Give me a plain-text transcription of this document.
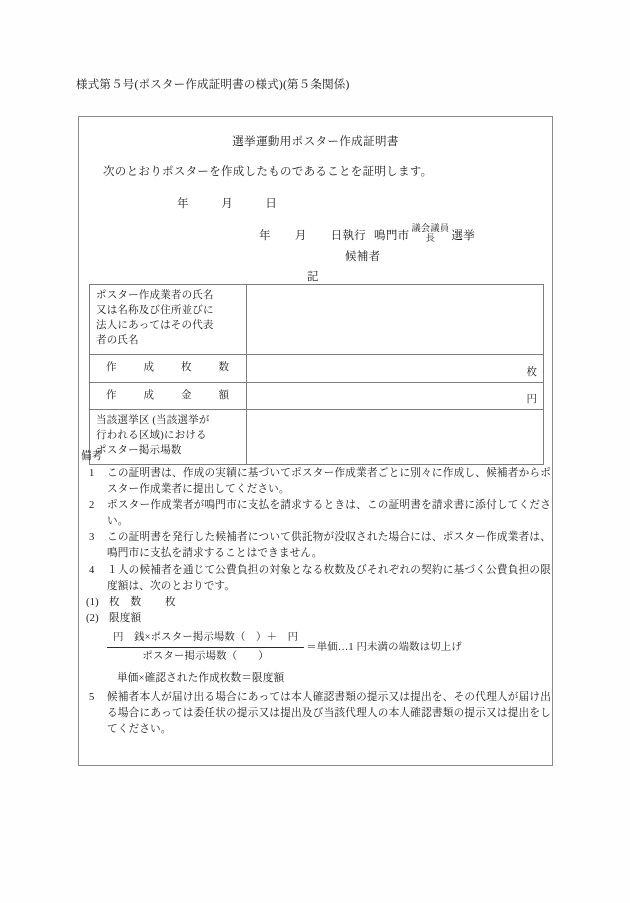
様式第５号(ポスター作成証明書の様式)(第５条関係)
選挙運動用ポスター作成証明書
次のとおりポスターを作成したものであることを証明します。
年	月	日
年 月 日執行 鳴門市
議会議員
長 選挙
候補者
記
ポスター作成業者の氏名
又は名称及び住所並びに
法人にあってはその代表
者の氏名	

作 成 枚 数	枚

作 成 金 額	円

当該選挙区 (当該選挙が
行われる区域)における
ポスター掲示場数	

備考
1 この証明書は、作成の実績に基づいてポスター作成業者ごとに別々に作成し、候補者からポスター作成業者に提出してください。
2 ポスター作成業者が鳴門市に支払を請求するときは、この証明書を請求書に添付してください。
3 この証明書を発行した候補者について供託物が没収された場合には、ポスター作成業者は、鳴門市に支払を請求することはできません。
4 １人の候補者を通じて公費負担の対象となる枚数及びそれぞれの契約に基づく公費負担の限度額は、次のとおりです。
(1) 枚　数	枚
(2) 限度額
$\frac{\text{円　銭×ポスター掲示場数（　）＋　円}}{\text{ポスター掲示場数（　　）}}$ ＝単価…1 円未満の端数は切上げ
単価×確認された作成枚数＝限度額
5 候補者本人が届け出る場合にあっては本人確認書類の提示又は提出を、その代理人が届け出る場合にあっては委任状の提示又は提出及び当該代理人の本人確認書類の提示又は提出をしてください。
